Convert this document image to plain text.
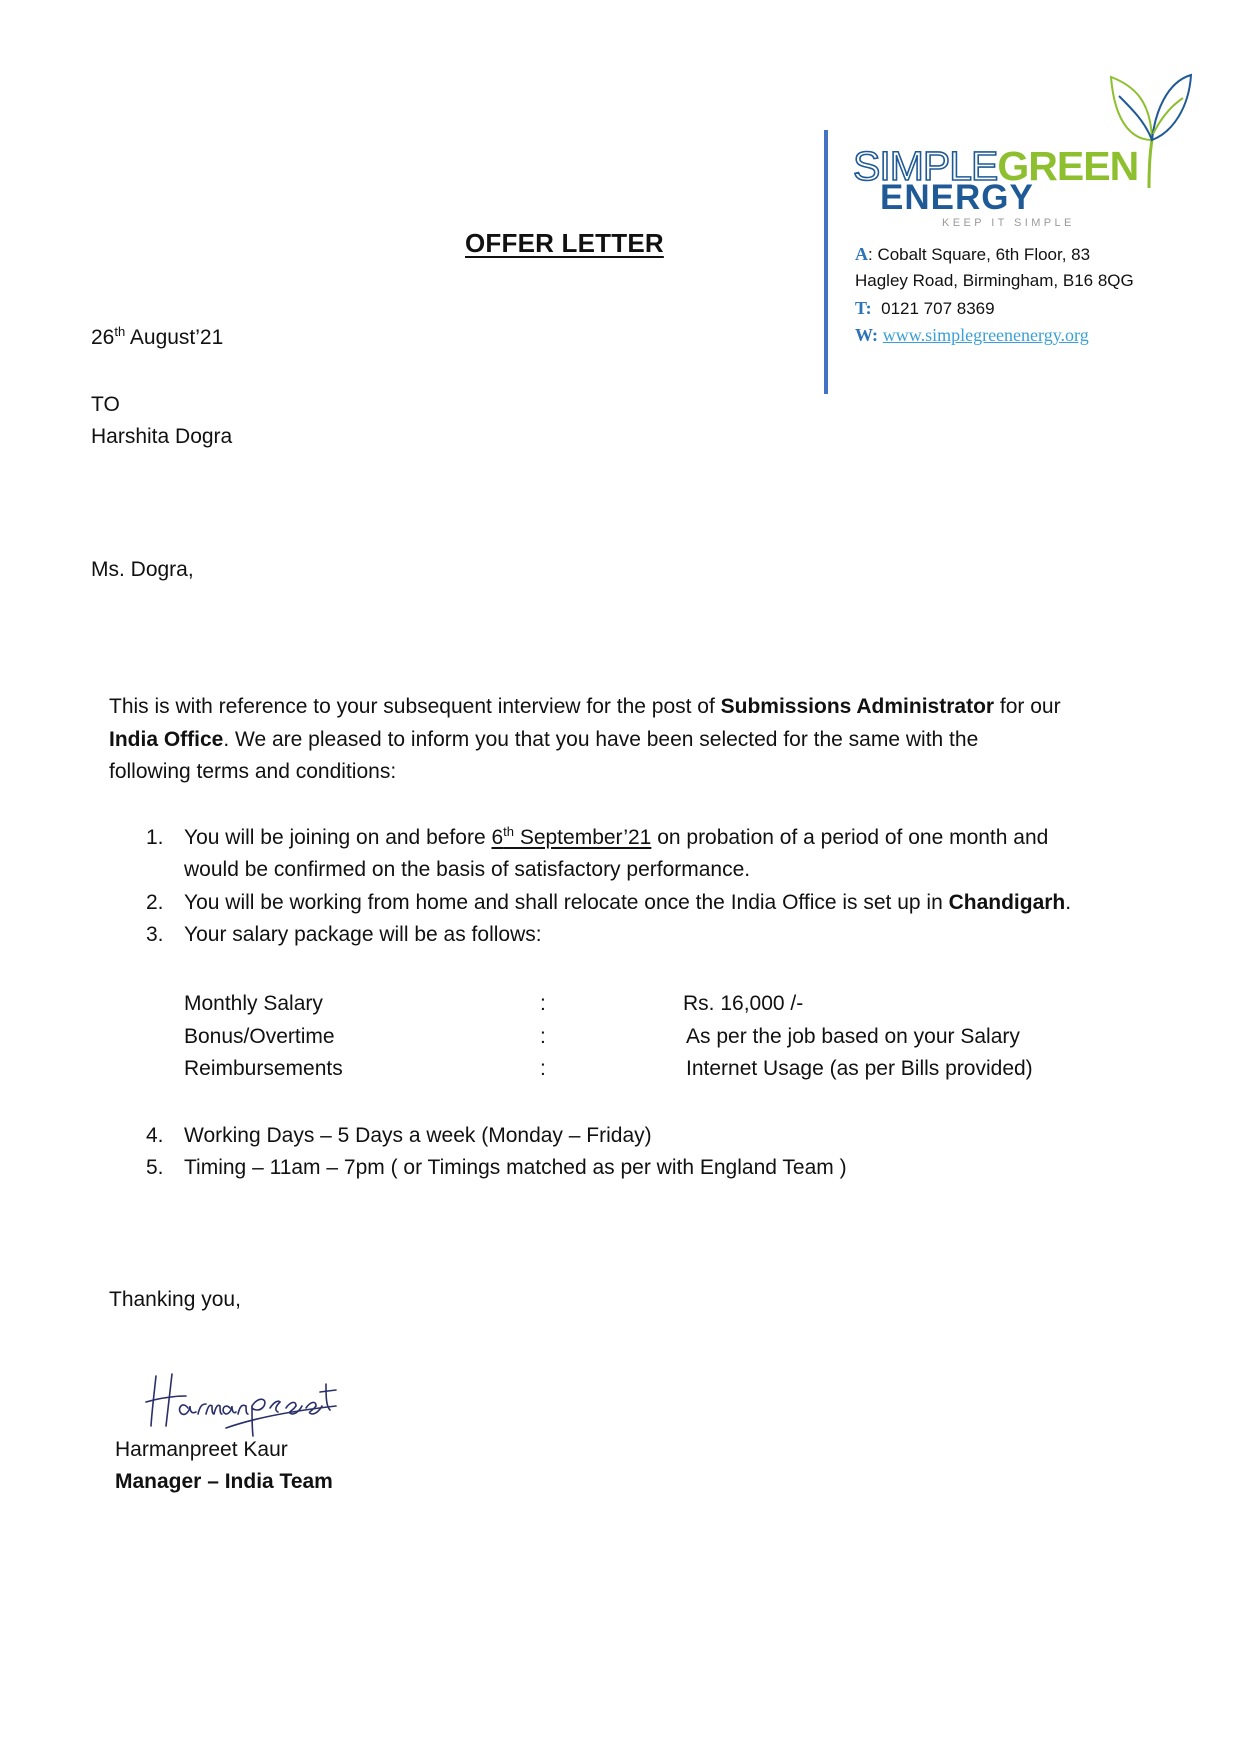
SIMPLEGREEN
ENERGY
KEEP IT SIMPLE
A: Cobalt Square, 6th Floor, 83
Hagley Road, Birmingham, B16 8QG
T: 0121 707 8369
W: www.simplegreenenergy.org
OFFER LETTER
26th August’21
TO
Harshita Dogra
Ms. Dogra,
This is with reference to your subsequent interview for the post of Submissions Administrator for our
India Office. We are pleased to inform you that you have been selected for the same with the
following terms and conditions:
1. You will be joining on and before 6th September’21 on probation of a period of one month and
would be confirmed on the basis of satisfactory performance.
2. You will be working from home and shall relocate once the India Office is set up in Chandigarh.
3. Your salary package will be as follows:
Monthly Salary	:	Rs. 16,000 /-
Bonus/Overtime	:	As per the job based on your Salary
Reimbursements	:	Internet Usage (as per Bills provided)
4. Working Days – 5 Days a week (Monday – Friday)
5. Timing – 11am – 7pm ( or Timings matched as per with England Team )
Thanking you,
Harmanpreet Kaur
Manager – India Team
